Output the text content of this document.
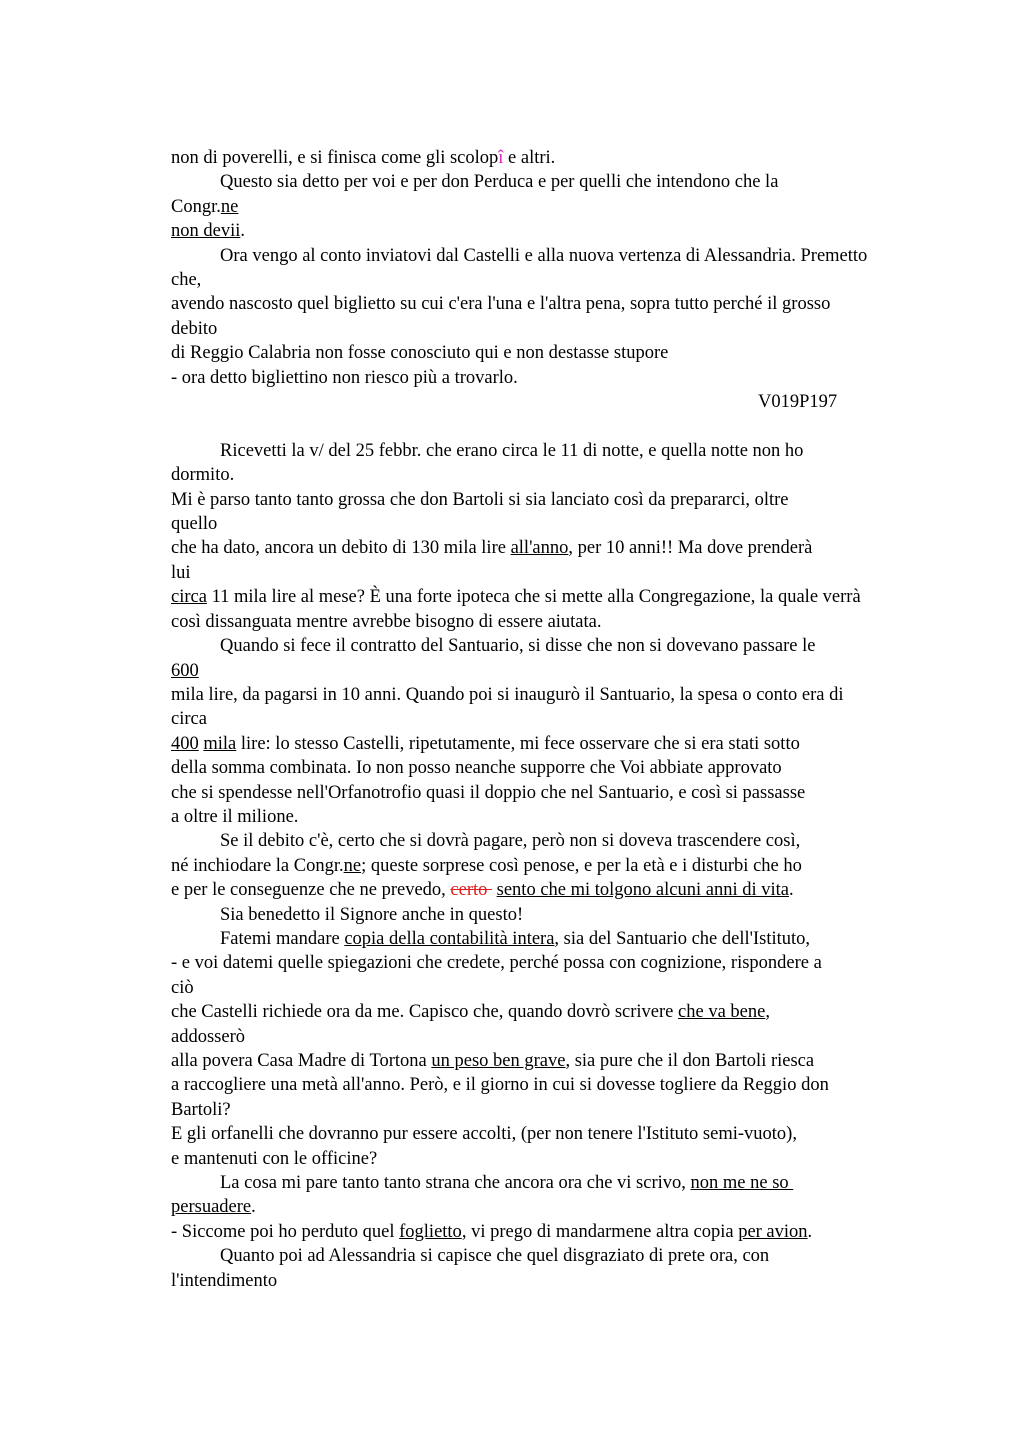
non di poverelli, e si finisca come gli scolopî e altri.
Questo sia detto per voi e per don Perduca e per quelli che intendono che la
Congr.ne
non devii.
Ora vengo al conto inviatovi dal Castelli e alla nuova vertenza di Alessandria. Premetto
che,
avendo nascosto quel biglietto su cui c'era l'una e l'altra pena, sopra tutto perché il grosso
debito
di Reggio Calabria non fosse conosciuto qui e non destasse stupore
- ora detto bigliettino non riesco più a trovarlo.
V019P197
Ricevetti la v/ del 25 febbr. che erano circa le 11 di notte, e quella notte non ho
dormito.
Mi è parso tanto tanto grossa che don Bartoli si sia lanciato così da prepararci, oltre
quello
che ha dato, ancora un debito di 130 mila lire all'anno, per 10 anni!! Ma dove prenderà
lui
circa 11 mila lire al mese? È una forte ipoteca che si mette alla Congregazione, la quale verrà
così dissanguata mentre avrebbe bisogno di essere aiutata.
Quando si fece il contratto del Santuario, si disse che non si dovevano passare le
600
mila lire, da pagarsi in 10 anni. Quando poi si inaugurò il Santuario, la spesa o conto era di
circa
400 mila lire: lo stesso Castelli, ripetutamente, mi fece osservare che si era stati sotto
della somma combinata. Io non posso neanche supporre che Voi abbiate approvato
che si spendesse nell'Orfanotrofio quasi il doppio che nel Santuario, e così si passasse
a oltre il milione.
Se il debito c'è, certo che si dovrà pagare, però non si doveva trascendere così,
né inchiodare la Congr.ne; queste sorprese così penose, e per la età e i disturbi che ho
e per le conseguenze che ne prevedo, certo  sento che mi tolgono alcuni anni di vita.
Sia benedetto il Signore anche in questo!
Fatemi mandare copia della contabilità intera, sia del Santuario che dell'Istituto,
- e voi datemi quelle spiegazioni che credete, perché possa con cognizione, rispondere a
ciò
che Castelli richiede ora da me. Capisco che, quando dovrò scrivere che va bene,
addosserò
alla povera Casa Madre di Tortona un peso ben grave, sia pure che il don Bartoli riesca
a raccogliere una metà all'anno. Però, e il giorno in cui si dovesse togliere da Reggio don
Bartoli?
E gli orfanelli che dovranno pur essere accolti, (per non tenere l'Istituto semi-vuoto),
e mantenuti con le officine?
La cosa mi pare tanto tanto strana che ancora ora che vi scrivo, non me ne so
persuadere.
- Siccome poi ho perduto quel foglietto, vi prego di mandarmene altra copia per avion.
Quanto poi ad Alessandria si capisce che quel disgraziato di prete ora, con
l'intendimento
